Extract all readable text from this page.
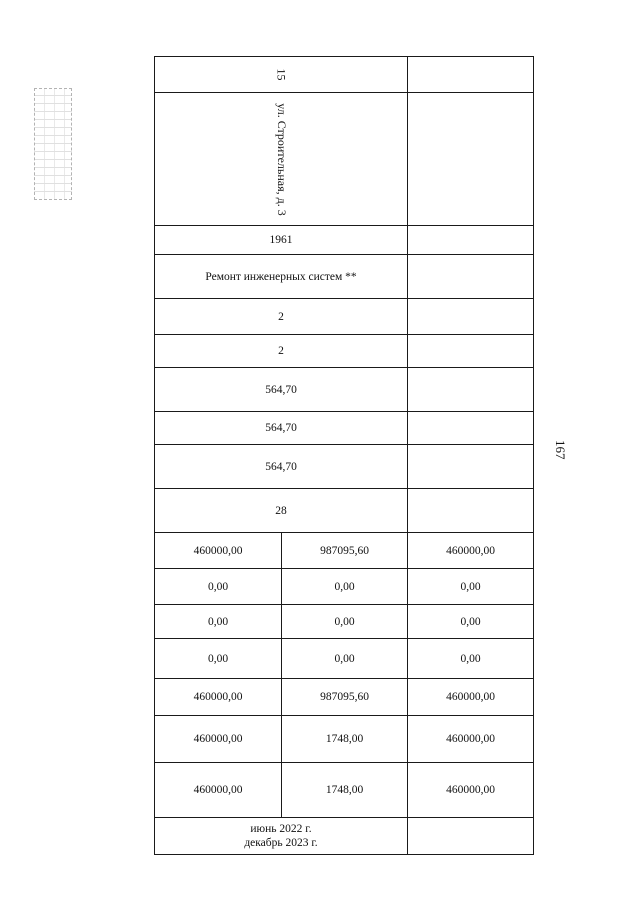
167
15		
ул. Строительная, д. 3		
1961		
Ремонт инженерных систем **		
2		
2		
564,70		
564,70		
564,70		
28		
460000,00	987095,60	460000,00
0,00	0,00	0,00
0,00	0,00	0,00
0,00	0,00	0,00
460000,00	987095,60	460000,00
460000,00	1748,00	460000,00
460000,00	1748,00	460000,00

июнь 2022 г.
декабрь 2023 г.		
